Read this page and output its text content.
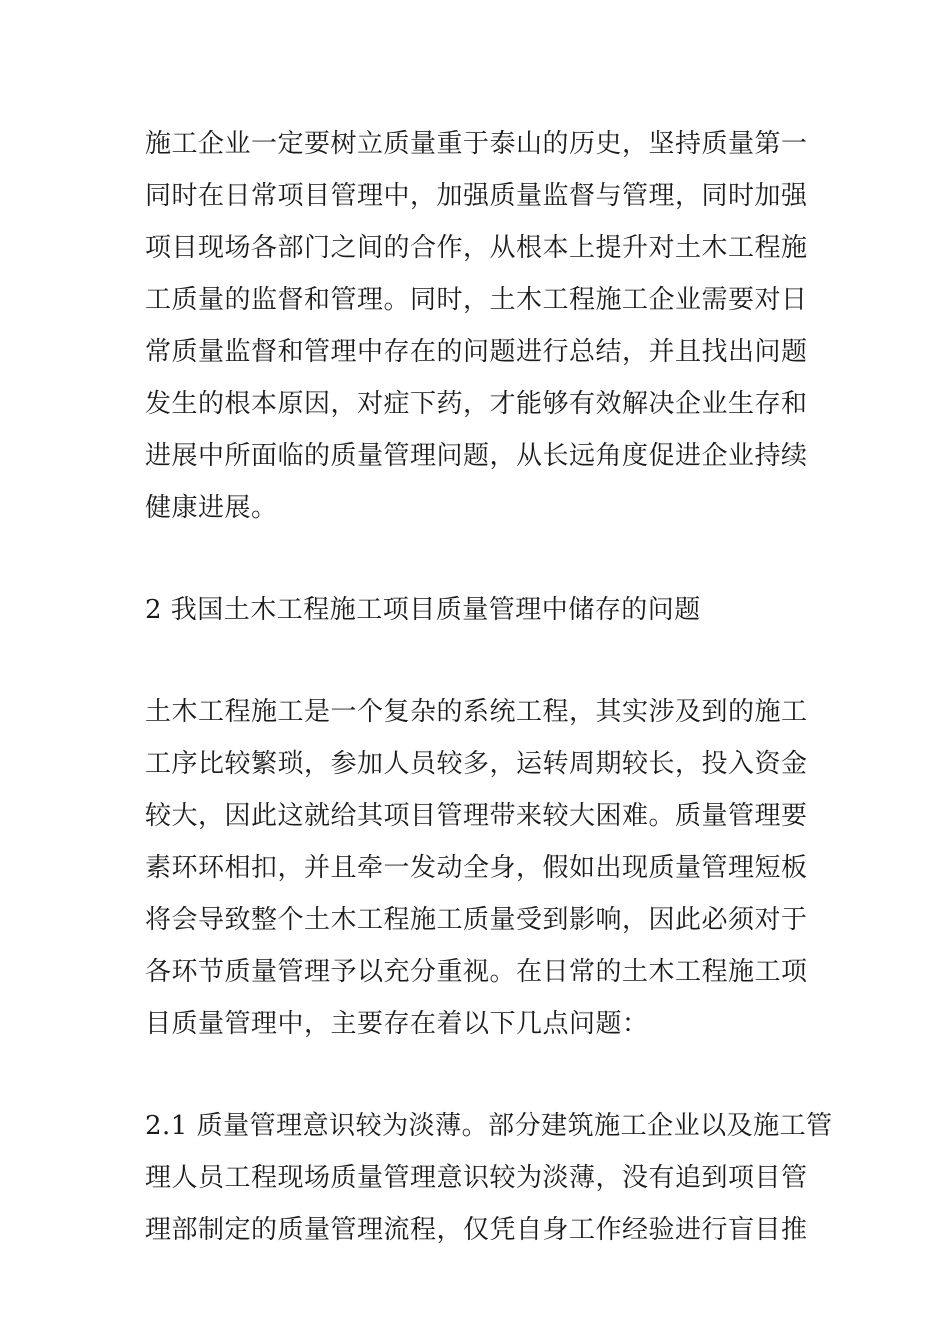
施工企业一定要树立质量重于泰山的历史，坚持质量第一
同时在日常项目管理中，加强质量监督与管理，同时加强
项目现场各部门之间的合作，从根本上提升对土木工程施
工质量的监督和管理。同时，土木工程施工企业需要对日
常质量监督和管理中存在的问题进行总结，并且找出问题
发生的根本原因，对症下药，才能够有效解决企业生存和
进展中所面临的质量管理问题，从长远角度促进企业持续
健康进展。
2 我国土木工程施工项目质量管理中储存的问题
土木工程施工是一个复杂的系统工程，其实涉及到的施工
工序比较繁琐，参加人员较多，运转周期较长，投入资金
较大，因此这就给其项目管理带来较大困难。质量管理要
素环环相扣，并且牵一发动全身，假如出现质量管理短板
将会导致整个土木工程施工质量受到影响，因此必须对于
各环节质量管理予以充分重视。在日常的土木工程施工项
目质量管理中，主要存在着以下几点问题：
2.1 质量管理意识较为淡薄。部分建筑施工企业以及施工管
理人员工程现场质量管理意识较为淡薄，没有追到项目管
理部制定的质量管理流程，仅凭自身工作经验进行盲目推
